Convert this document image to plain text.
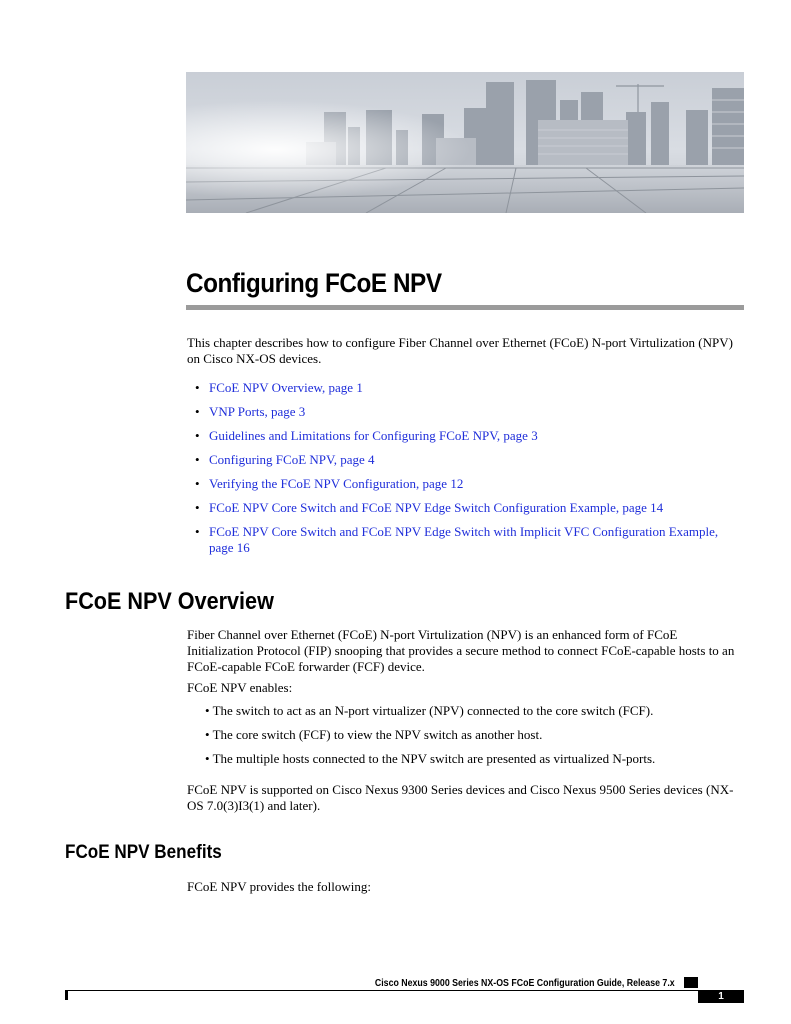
Configuring FCoE NPV

This chapter describes how to configure Fiber Channel over Ethernet (FCoE) N-port Virtulization (NPV) on Cisco NX-OS devices.

• FCoE NPV Overview, page 1
• VNP Ports, page 3
• Guidelines and Limitations for Configuring FCoE NPV, page 3
• Configuring FCoE NPV, page 4
• Verifying the FCoE NPV Configuration, page 12
• FCoE NPV Core Switch and FCoE NPV Edge Switch Configuration Example, page 14
• FCoE NPV Core Switch and FCoE NPV Edge Switch with Implicit VFC Configuration Example, page 16
FCoE NPV Overview

Fiber Channel over Ethernet (FCoE) N-port Virtulization (NPV) is an enhanced form of FCoE Initialization Protocol (FIP) snooping that provides a secure method to connect FCoE-capable hosts to an FCoE-capable FCoE forwarder (FCF) device.

FCoE NPV enables:

• The switch to act as an N-port virtualizer (NPV) connected to the core switch (FCF).
• The core switch (FCF) to view the NPV switch as another host.
• The multiple hosts connected to the NPV switch are presented as virtualized N-ports.

FCoE NPV is supported on Cisco Nexus 9300 Series devices and Cisco Nexus 9500 Series devices (NX-OS 7.0(3)I3(1) and later).

FCoE NPV Benefits

FCoE NPV provides the following:

Cisco Nexus 9000 Series NX-OS FCoE Configuration Guide, Release 7.x

1
